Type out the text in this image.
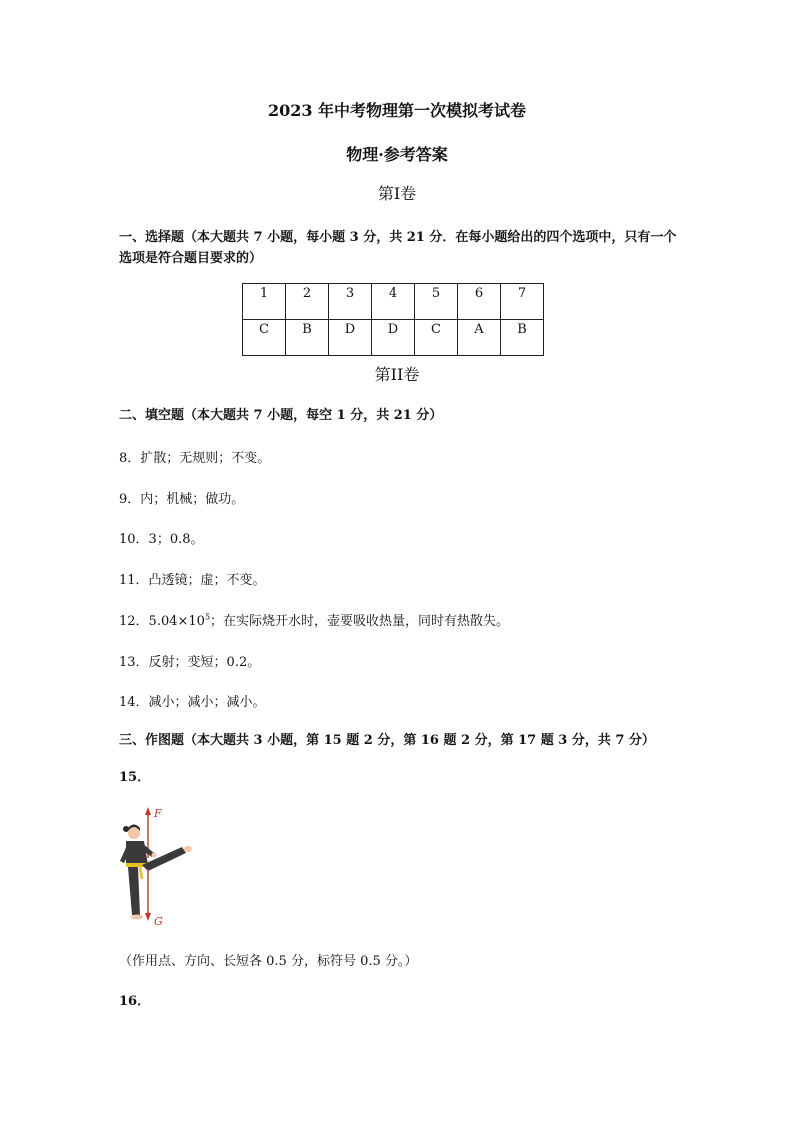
2023 年中考物理第一次模拟考试卷
物理·参考答案
第Ⅰ卷
一、选择题（本大题共 7 小题，每小题 3 分，共 21 分．在每小题给出的四个选项中，只有一个选项是符合题目要求的）
1	2	3	4	5	6	7
C	B	D	D	C	A	B
第II卷
二、填空题（本大题共 7 小题，每空 1 分，共 21 分）
8．扩散；无规则；不变。
9．内；机械；做功。
10．3；0.8。
11．凸透镜；虚；不变。
12．$5.04\times 10^5$；在实际烧开水时，壶要吸收热量，同时有热散失。
13．反射；变短；0.2。
14．减小；减小；减小。
三、作图题（本大题共 3 小题，第 15 题 2 分，第 16 题 2 分，第 17 题 3 分，共 7 分）
15．
F
G
（作用点、方向、长短各 0.5 分，标符号 0.5 分。）
16．
